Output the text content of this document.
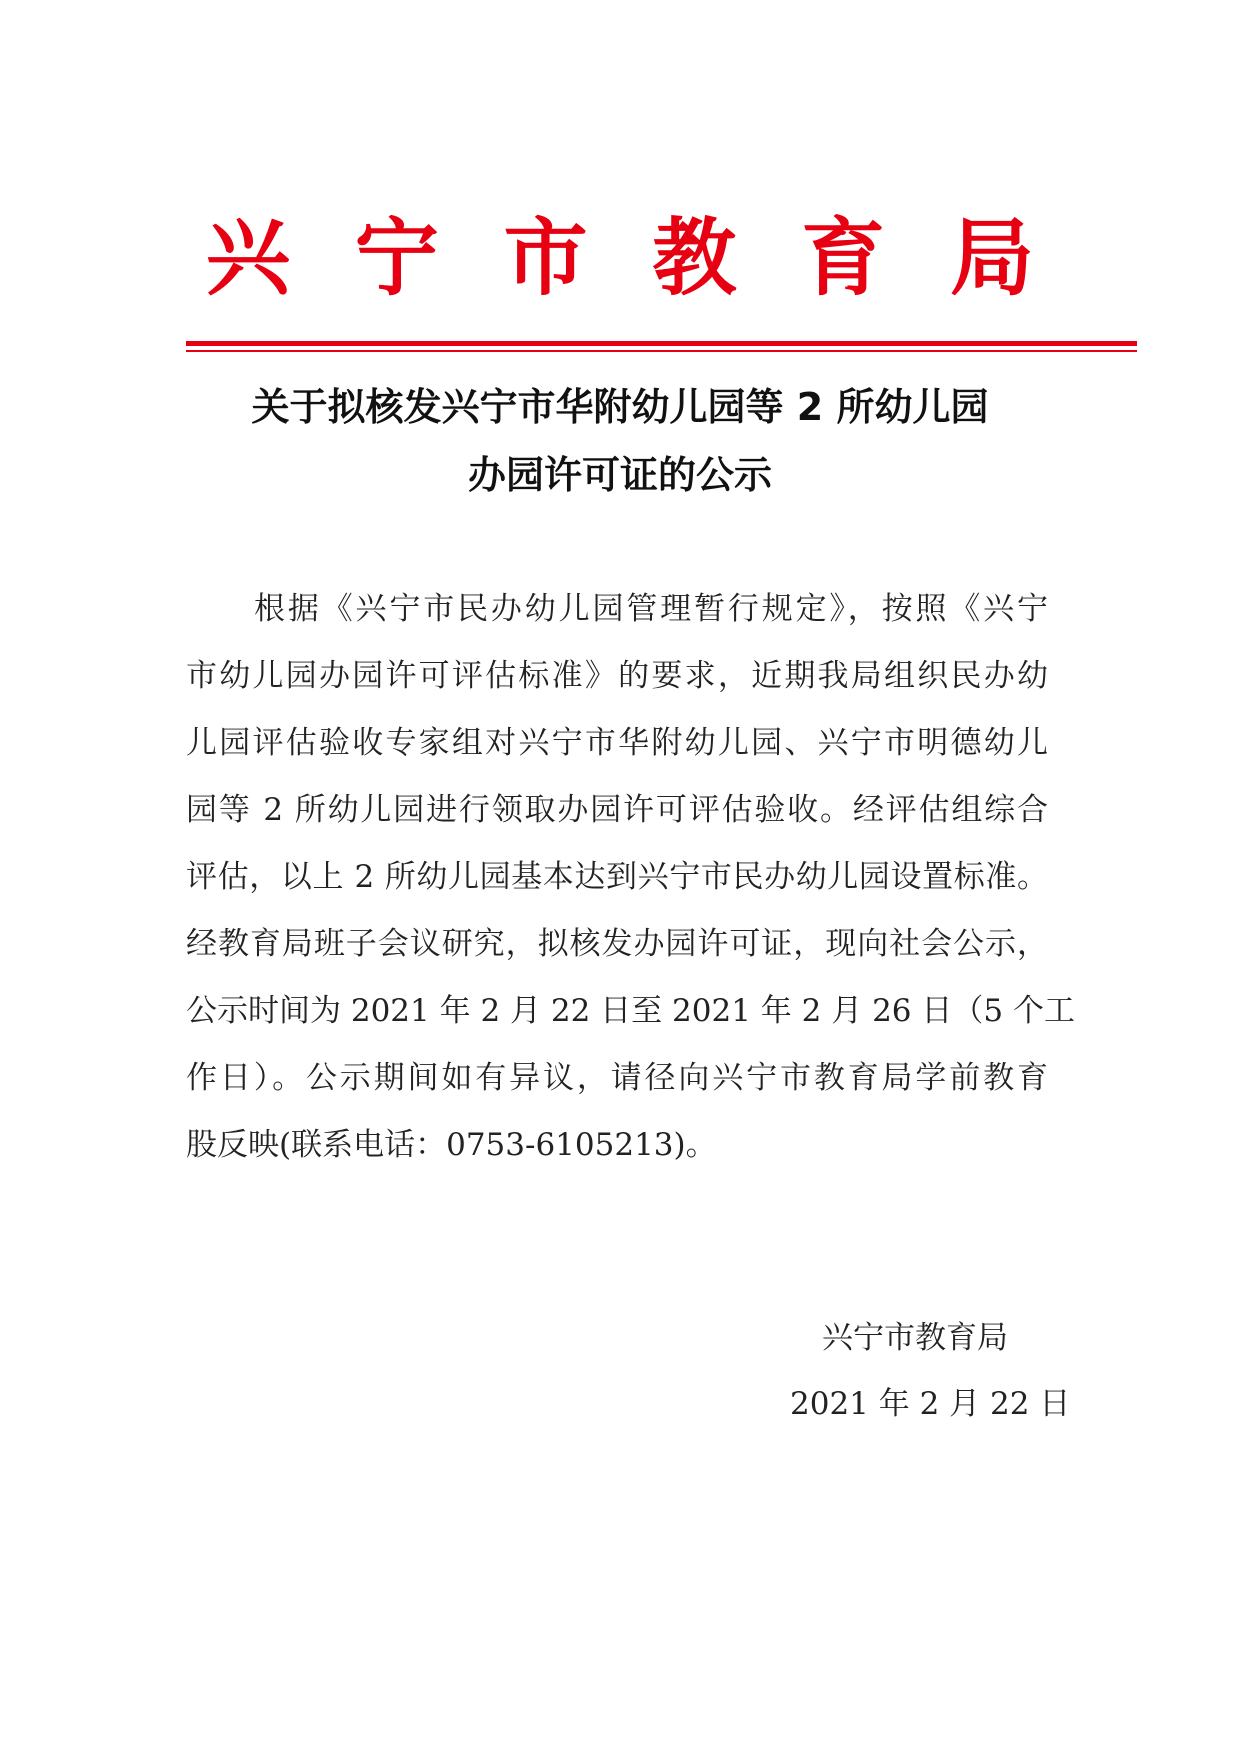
兴 宁 市 教 育 局
关于拟核发兴宁市华附幼儿园等 2 所幼儿园
办园许可证的公示
根据《兴宁市民办幼儿园管理暂行规定》，按照《兴宁
市幼儿园办园许可评估标准》的要求，近期我局组织民办幼
儿园评估验收专家组对兴宁市华附幼儿园、兴宁市明德幼儿
园等 2 所幼儿园进行领取办园许可评估验收。经评估组综合
评估，以上 2 所幼儿园基本达到兴宁市民办幼儿园设置标准。
经教育局班子会议研究，拟核发办园许可证，现向社会公示，
公示时间为 2021 年 2 月 22 日至 2021 年 2 月 26 日（5 个工
作日）。公示期间如有异议，请径向兴宁市教育局学前教育
股反映(联系电话：0753-6105213)。
兴宁市教育局
2021 年 2 月 22 日
